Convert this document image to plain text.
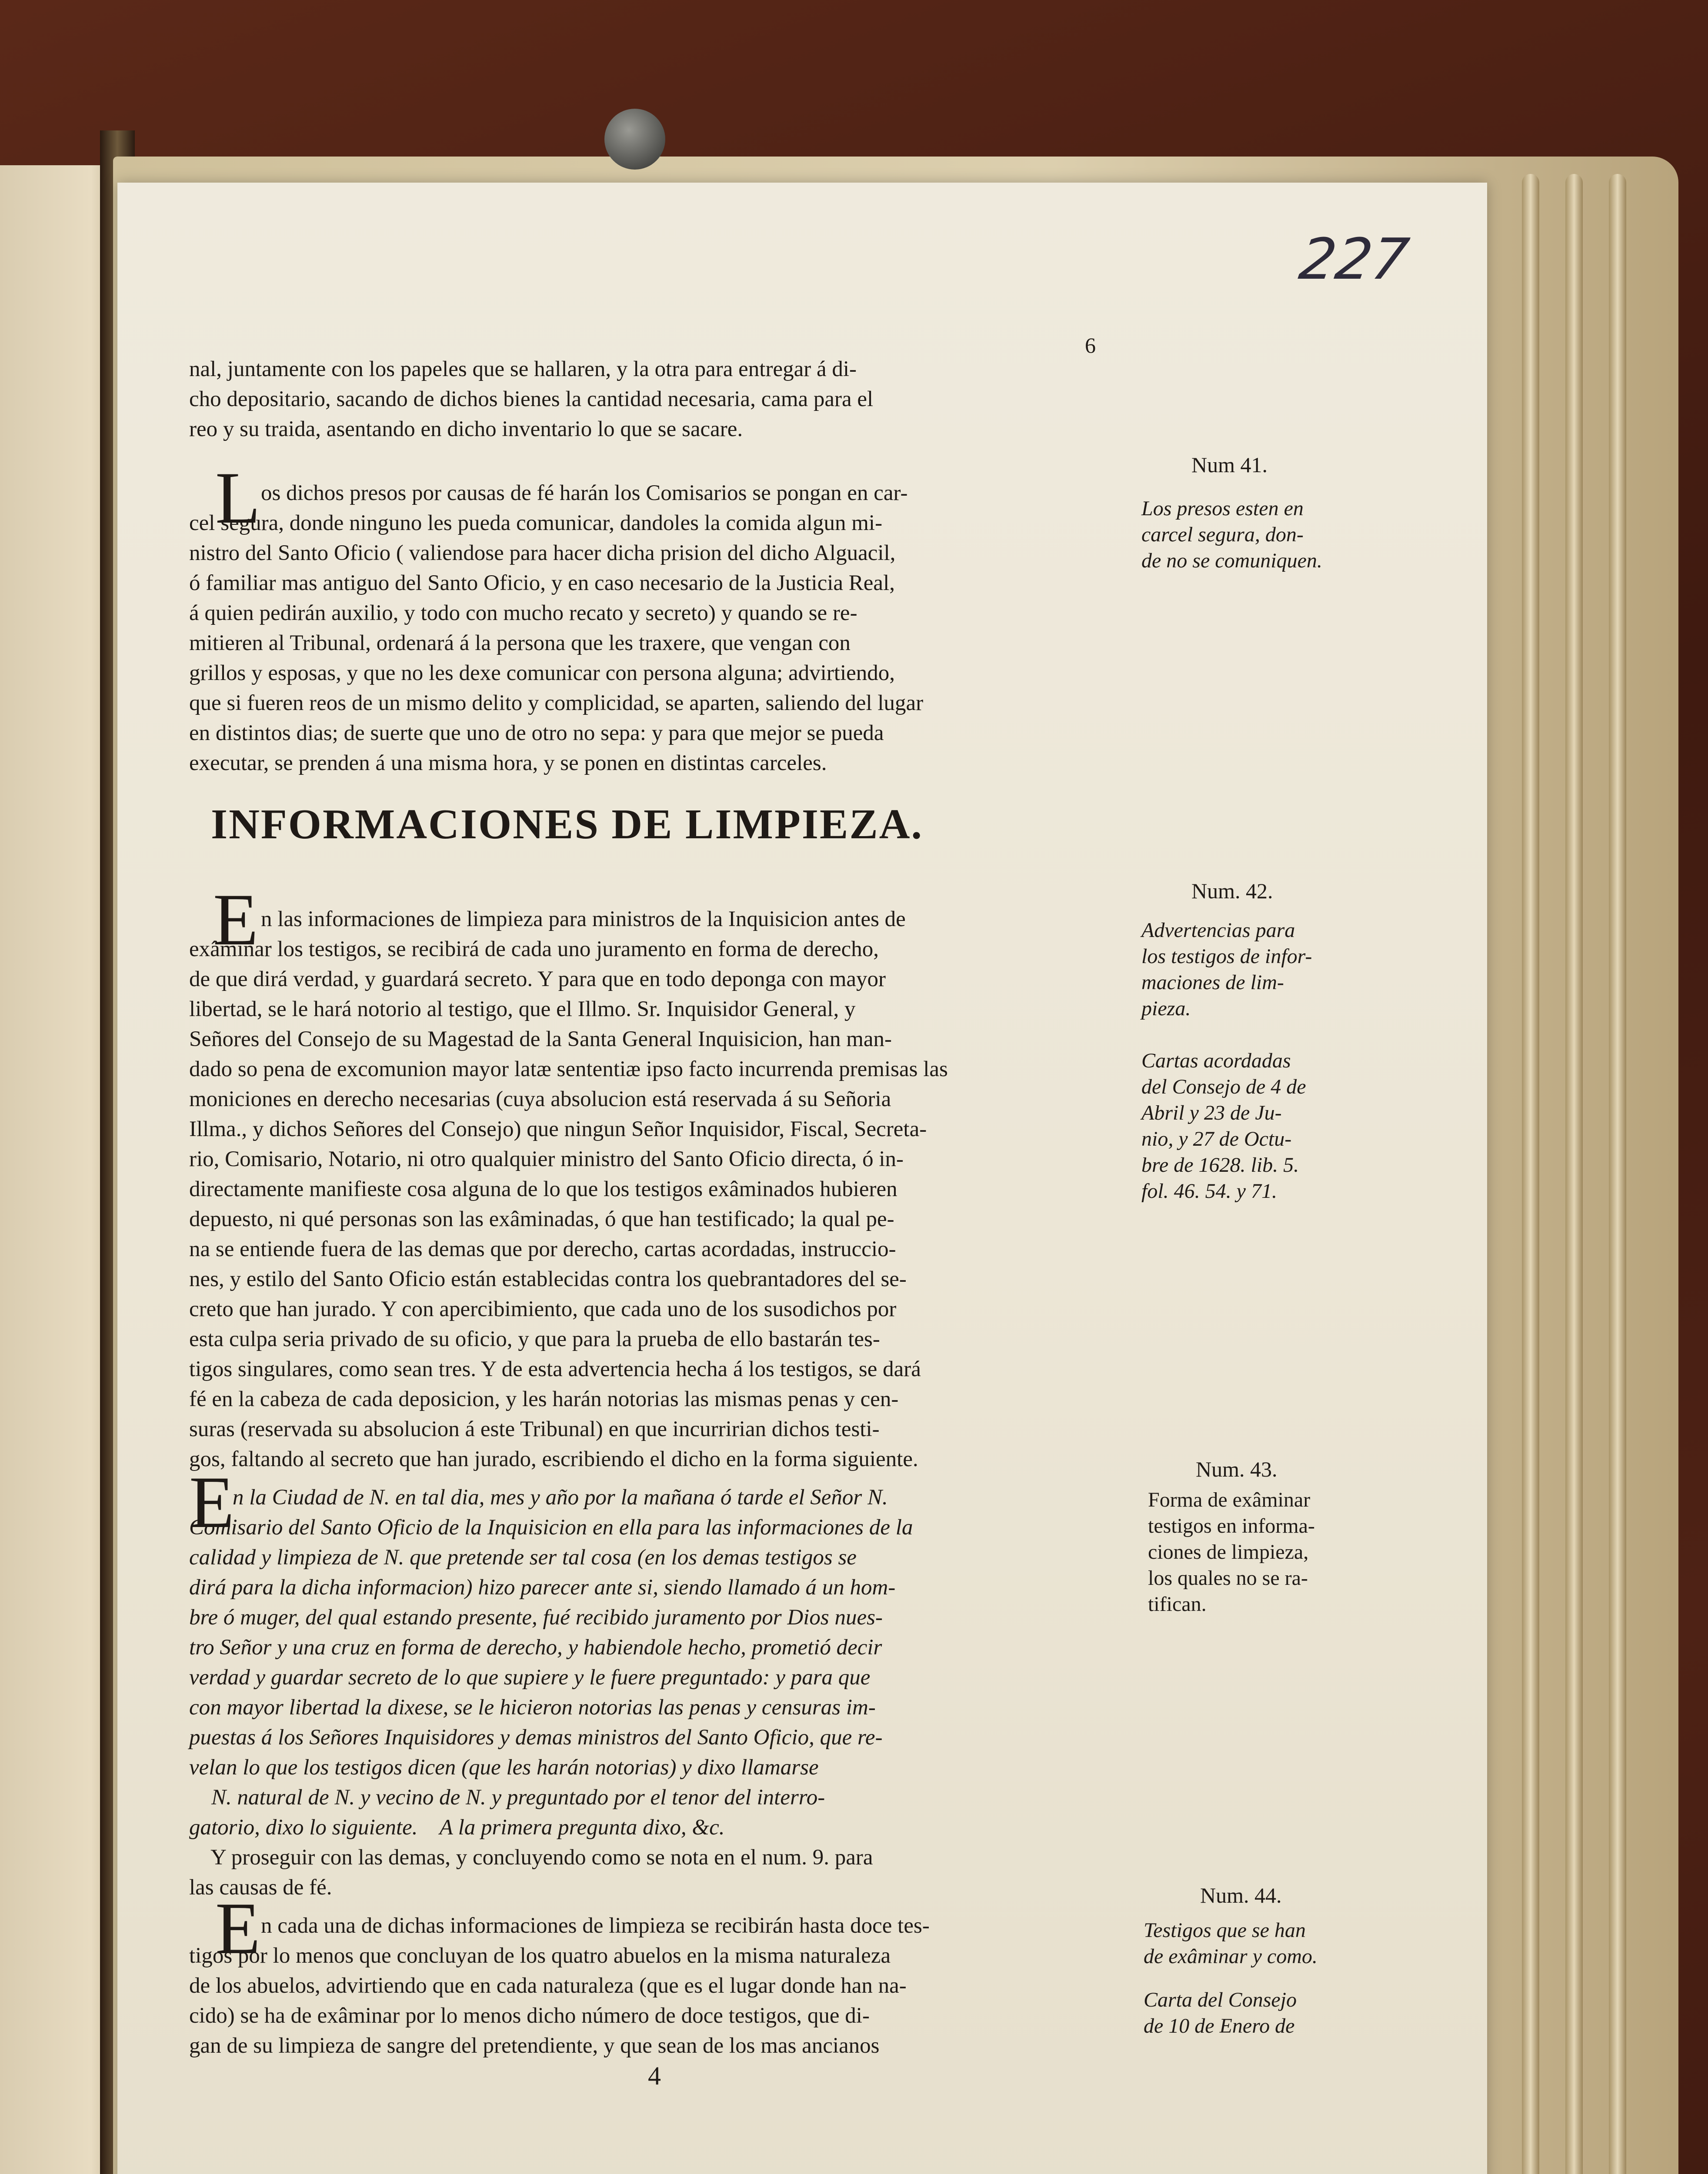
227
6
nal, juntamente con los papeles que se hallaren, y la otra para entregar á di-
cho depositario, sacando de dichos bienes la cantidad necesaria, cama para el
reo y su traida, asentando en dicho inventario lo que se sacare.
Num 41.
L os dichos presos por causas de fé harán los Comisarios se pongan en car-
cel segura, donde ninguno les pueda comunicar, dandoles la comida algun mi-
nistro del Santo Oficio ( valiendose para hacer dicha prision del dicho Alguacil,
ó familiar mas antiguo del Santo Oficio, y en caso necesario de la Justicia Real,
á quien pedirán auxilio, y todo con mucho recato y secreto) y quando se re-
mitieren al Tribunal, ordenará á la persona que les traxere, que vengan con
grillos y esposas, y que no les dexe comunicar con persona alguna; advirtiendo,
que si fueren reos de un mismo delito y complicidad, se aparten, saliendo del lugar
en distintos dias; de suerte que uno de otro no sepa: y para que mejor se pueda
executar, se prenden á una misma hora, y se ponen en distintas carceles.
Los presos esten en
carcel segura, don-
de no se comuniquen.
INFORMACIONES DE LIMPIEZA.
Num. 42.
E n las informaciones de limpieza para ministros de la Inquisicion antes de
exâminar los testigos, se recibirá de cada uno juramento en forma de derecho,
de que dirá verdad, y guardará secreto. Y para que en todo deponga con mayor
libertad, se le hará notorio al testigo, que el Illmo. Sr. Inquisidor General, y
Señores del Consejo de su Magestad de la Santa General Inquisicion, han man-
dado so pena de excomunion mayor latæ sententiæ ipso facto incurrenda premisas las
moniciones en derecho necesarias (cuya absolucion está reservada á su Señoria
Illma., y dichos Señores del Consejo) que ningun Señor Inquisidor, Fiscal, Secreta-
rio, Comisario, Notario, ni otro qualquier ministro del Santo Oficio directa, ó in-
directamente manifieste cosa alguna de lo que los testigos exâminados hubieren
depuesto, ni qué personas son las exâminadas, ó que han testificado; la qual pe-
na se entiende fuera de las demas que por derecho, cartas acordadas, instruccio-
nes, y estilo del Santo Oficio están establecidas contra los quebrantadores del se-
creto que han jurado. Y con apercibimiento, que cada uno de los susodichos por
esta culpa seria privado de su oficio, y que para la prueba de ello bastarán tes-
tigos singulares, como sean tres. Y de esta advertencia hecha á los testigos, se dará
fé en la cabeza de cada deposicion, y les harán notorias las mismas penas y cen-
suras (reservada su absolucion á este Tribunal) en que incurririan dichos testi-
gos, faltando al secreto que han jurado, escribiendo el dicho en la forma siguiente.
Advertencias para
los testigos de infor-
maciones de lim-
pieza.
Cartas acordadas
del Consejo de 4 de
Abril y 23 de Ju-
nio, y 27 de Octu-
bre de 1628. lib. 5.
fol. 46. 54. y 71.
Num. 43.
E
n la Ciudad de N. en tal dia, mes y año por la mañana ó tarde el Señor N.
Comisario del Santo Oficio de la Inquisicion en ella para las informaciones de la
calidad y limpieza de N. que pretende ser tal cosa (en los demas testigos se
dirá para la dicha informacion) hizo parecer ante si, siendo llamado á un hom-
bre ó muger, del qual estando presente, fué recibido juramento por Dios nues-
tro Señor y una cruz en forma de derecho, y habiendole hecho, prometió decir
verdad y guardar secreto de lo que supiere y le fuere preguntado: y para que
con mayor libertad la dixese, se le hicieron notorias las penas y censuras im-
puestas á los Señores Inquisidores y demas ministros del Santo Oficio, que re-
velan lo que los testigos dicen (que les harán notorias) y dixo llamarse
N. natural de N. y vecino de N. y preguntado por el tenor del interro-
gatorio, dixo lo siguiente.    A la primera pregunta dixo, &c.
Y proseguir con las demas, y concluyendo como se nota en el num. 9. para
las causas de fé.
Forma de exâminar
testigos en informa-
ciones de limpieza,
los quales no se ra-
tifican.
Num. 44.
E n cada una de dichas informaciones de limpieza se recibirán hasta doce tes-
tigos por lo menos que concluyan de los quatro abuelos en la misma naturaleza
de los abuelos, advirtiendo que en cada naturaleza (que es el lugar donde han na-
cido) se ha de exâminar por lo menos dicho número de doce testigos, que di-
gan de su limpieza de sangre del pretendiente, y que sean de los mas ancianos
Testigos que se han
de exâminar y como.
Carta del Consejo
de 10 de Enero de
4
